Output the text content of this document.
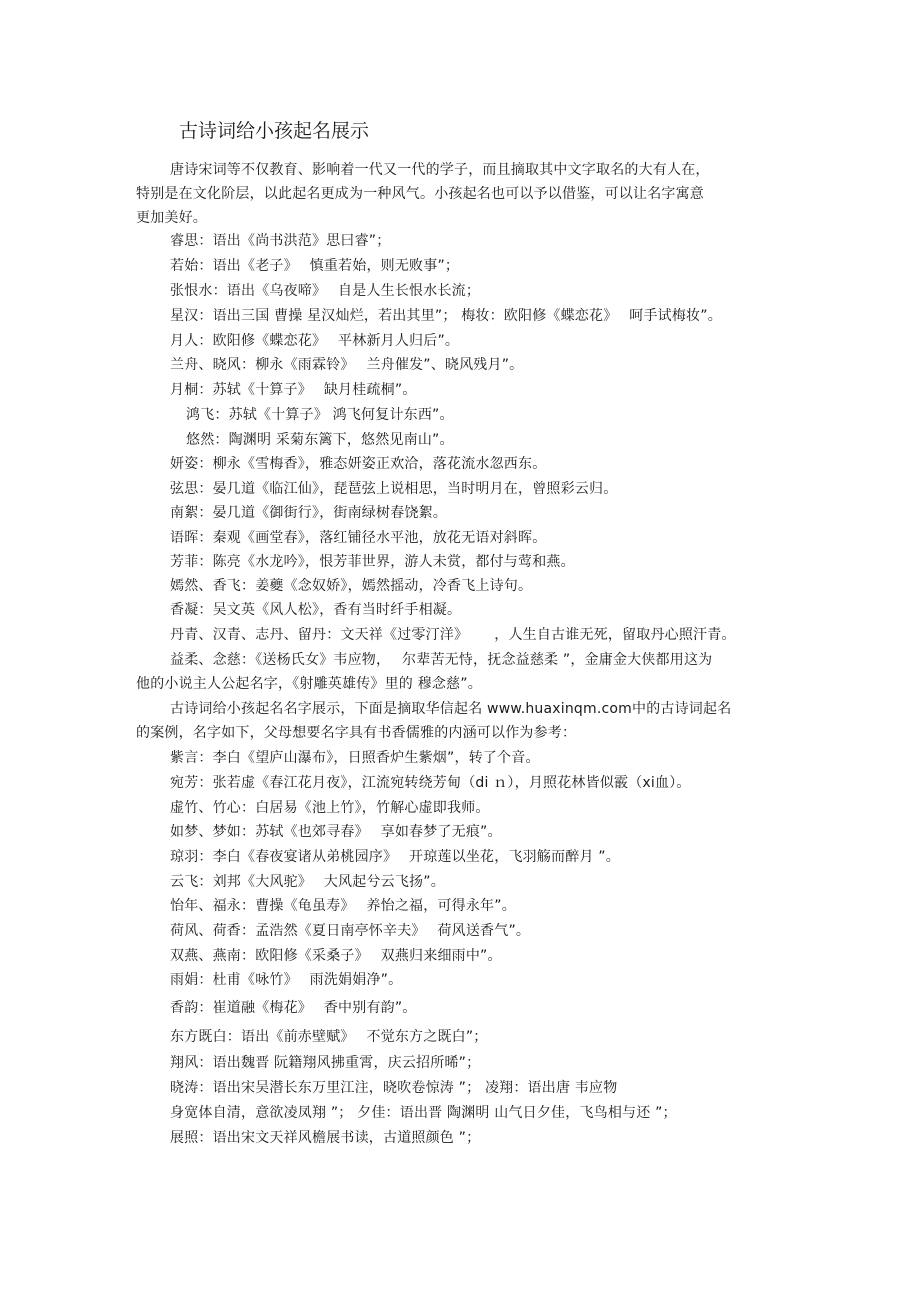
古诗词给小孩起名展示
唐诗宋词等不仅教育、影响着一代又一代的学子，而且摘取其中文字取名的大有人在，
特别是在文化阶层，以此起名更成为一种风气。小孩起名也可以予以借鉴，可以让名字寓意
更加美好。
睿思：语出《尚书洪范》思曰睿”；
若始：语出《老子》　 慎重若始，则无败事”；
张恨水：语出《乌夜啼》　 自是人生长恨水长流；
星汉：语出三国 曹操 星汉灿烂，若出其里”； 梅妆：欧阳修《蝶恋花》　 呵手试梅妆”。
月人：欧阳修《蝶恋花》　 平林新月人归后”。
兰舟、晓风：柳永《雨霖铃》　 兰舟催发”、晓风残月”。
月桐：苏轼《十算子》　 缺月桂疏桐”。
鸿飞：苏轼《十算子》 鸿飞何复计东西”。
悠然：陶渊明 采菊东篱下，悠然见南山”。
妍姿：柳永《雪梅香》，雅态妍姿正欢洽，落花流水忽西东。
弦思：晏几道《临江仙》，琵琶弦上说相思，当时明月在，曾照彩云归。
南絮：晏几道《御街行》，街南绿树春饶絮。
语晖：秦观《画堂春》，落红铺径水平池，放花无语对斜晖。
芳菲：陈亮《水龙吟》，恨芳菲世界，游人未赏，都付与莺和燕。
嫣然、香飞：姜夔《念奴娇》，嫣然摇动，冷香飞上诗句。
香凝：吴文英《风人松》，香有当时纤手相凝。
丹青、汉青、志丹、留丹：文天祥《过零汀洋》　　 ，人生自古谁无死，留取丹心照汗青。
益柔、念慈：《送杨氏女》韦应物，　 尔辈苦无恃，抚念益慈柔 ”，金庸金大侠都用这为
他的小说主人公起名字，《射雕英雄传》里的 穆念慈”。
古诗词给小孩起名名字展示，下面是摘取华信起名 www.huaxinqm.com中的古诗词起名
的案例，名字如下，父母想要名字具有书香儒雅的内涵可以作为参考：
紫言：李白《望庐山瀑布》，日照香炉生紫烟”，转了个音。
宛芳：张若虚《春江花月夜》，江流宛转绕芳甸（di ｎ），月照花林皆似霰（xi血）。
虚竹、竹心：白居易《池上竹》，竹解心虚即我师。
如梦、梦如：苏轼《也郊寻春》　 享如春梦了无痕”。
琼羽：李白《春夜宴诸从弟桃园序》　 开琼莲以坐花，飞羽觞而醉月 ”。
云飞：刘邦《大风驼》　 大风起兮云飞扬”。
怡年、福永：曹操《龟虽寿》　 养怡之福，可得永年”。
荷风、荷香：孟浩然《夏日南亭怀辛夫》　 荷风送香气”。
双燕、燕南：欧阳修《采桑子》　 双燕归来细雨中”。
雨娟：杜甫《咏竹》　 雨洗娟娟净”。
香韵：崔道融《梅花》　 香中别有韵”。
东方既白：语出《前赤壁赋》　 不觉东方之既白”；
翔风：语出魏晋 阮籍翔风拂重霄，庆云招所晞”；
晓涛：语出宋吴潜长东万里江注，晓吹卷惊涛 ”； 凌翔：语出唐 韦应物
身宽体自清，意欲凌凤翔 ”； 夕佳：语出晋 陶渊明 山气日夕佳，飞鸟相与还 ”；
展照：语出宋文天祥风檐展书读，古道照颜色 ”；
